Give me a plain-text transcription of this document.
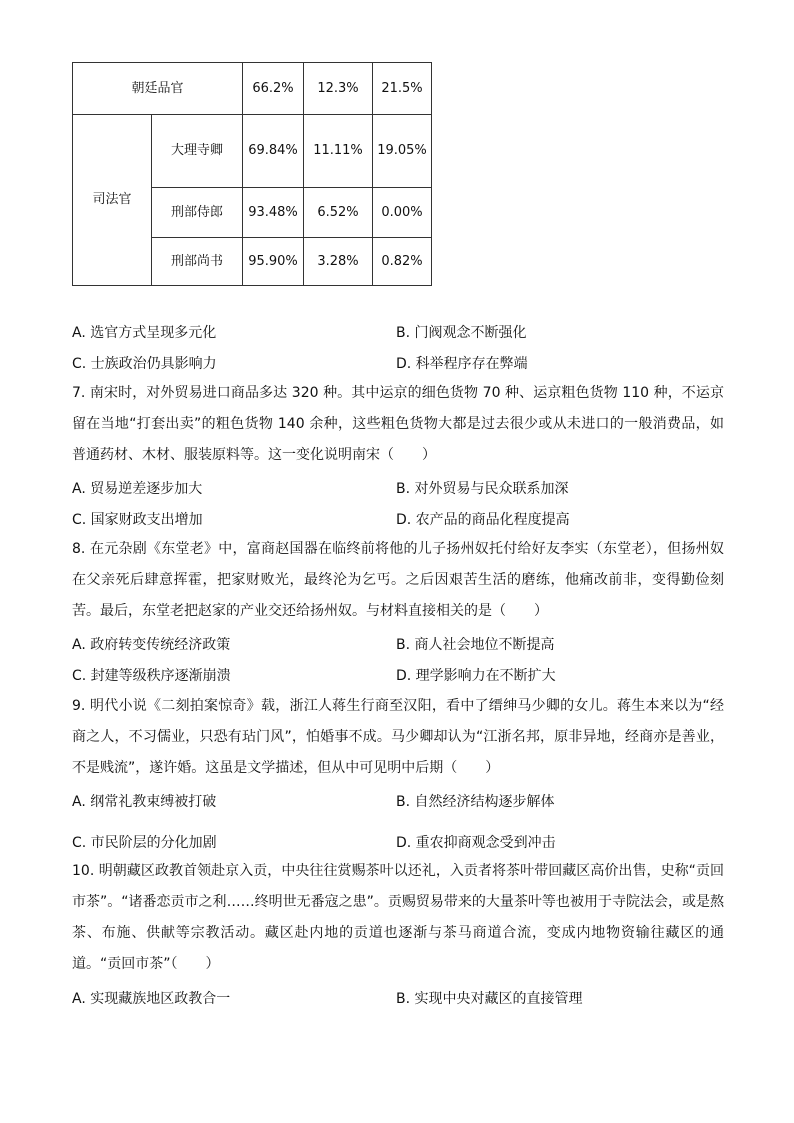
朝廷品官		66.2%	12.3%	21.5%
司法官	大理寺卿	69.84%	11.11%	19.05%
	刑部侍郎	93.48%	6.52%	0.00%
	刑部尚书	95.90%	3.28%	0.82%
A. 选官方式呈现多元化	B. 门阀观念不断强化
C. 士族政治仍具影响力	D. 科举程序存在弊端
7. 南宋时，对外贸易进口商品多达 320 种。其中运京的细色货物 70 种、运京粗色货物 110 种，不运京留在当地“打套出卖”的粗色货物 140 余种，这些粗色货物大都是过去很少或从未进口的一般消费品，如普通药材、木材、服装原料等。这一变化说明南宋（　　）
A. 贸易逆差逐步加大	B. 对外贸易与民众联系加深
C. 国家财政支出增加	D. 农产品的商品化程度提高
8. 在元杂剧《东堂老》中，富商赵国器在临终前将他的儿子扬州奴托付给好友李实（东堂老），但扬州奴在父亲死后肆意挥霍，把家财败光，最终沦为乞丐。之后因艰苦生活的磨练，他痛改前非，变得勤俭刻苦。最后，东堂老把赵家的产业交还给扬州奴。与材料直接相关的是（　　）
A. 政府转变传统经济政策	B. 商人社会地位不断提高
C. 封建等级秩序逐渐崩溃	D. 理学影响力在不断扩大
9. 明代小说《二刻拍案惊奇》载，浙江人蒋生行商至汉阳，看中了缙绅马少卿的女儿。蒋生本来以为“经商之人，不习儒业，只恐有玷门风”，怕婚事不成。马少卿却认为“江浙名邦，原非异地，经商亦是善业，不是贱流”，遂许婚。这虽是文学描述，但从中可见明中后期（　　）
A. 纲常礼教束缚被打破	B. 自然经济结构逐步解体
C. 市民阶层的分化加剧	D. 重农抑商观念受到冲击
10. 明朝藏区政教首领赴京入贡，中央往往赏赐茶叶以还礼，入贡者将茶叶带回藏区高价出售，史称“贡回市茶”。“诸番恋贡市之利……终明世无番寇之患”。贡赐贸易带来的大量茶叶等也被用于寺院法会，或是熬茶、布施、供献等宗教活动。藏区赴内地的贡道也逐渐与茶马商道合流，变成内地物资输往藏区的通道。“贡回市茶”（　　）
A. 实现藏族地区政教合一	B. 实现中央对藏区的直接管理
